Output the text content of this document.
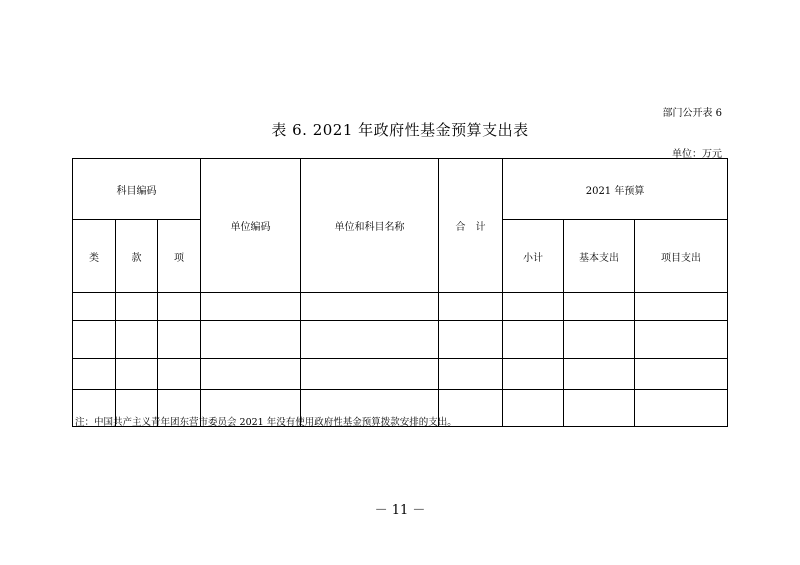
部门公开表 6
表 6. 2021 年政府性基金预算支出表
单位：万元
科目编码			单位编码	单位和科目名称	合　计	2021 年预算		
类	款	项				小计	基本支出	项目支出

注：中国共产主义青年团东营市委员会 2021 年没有使用政府性基金预算拨款安排的支出。
－ 11 －
